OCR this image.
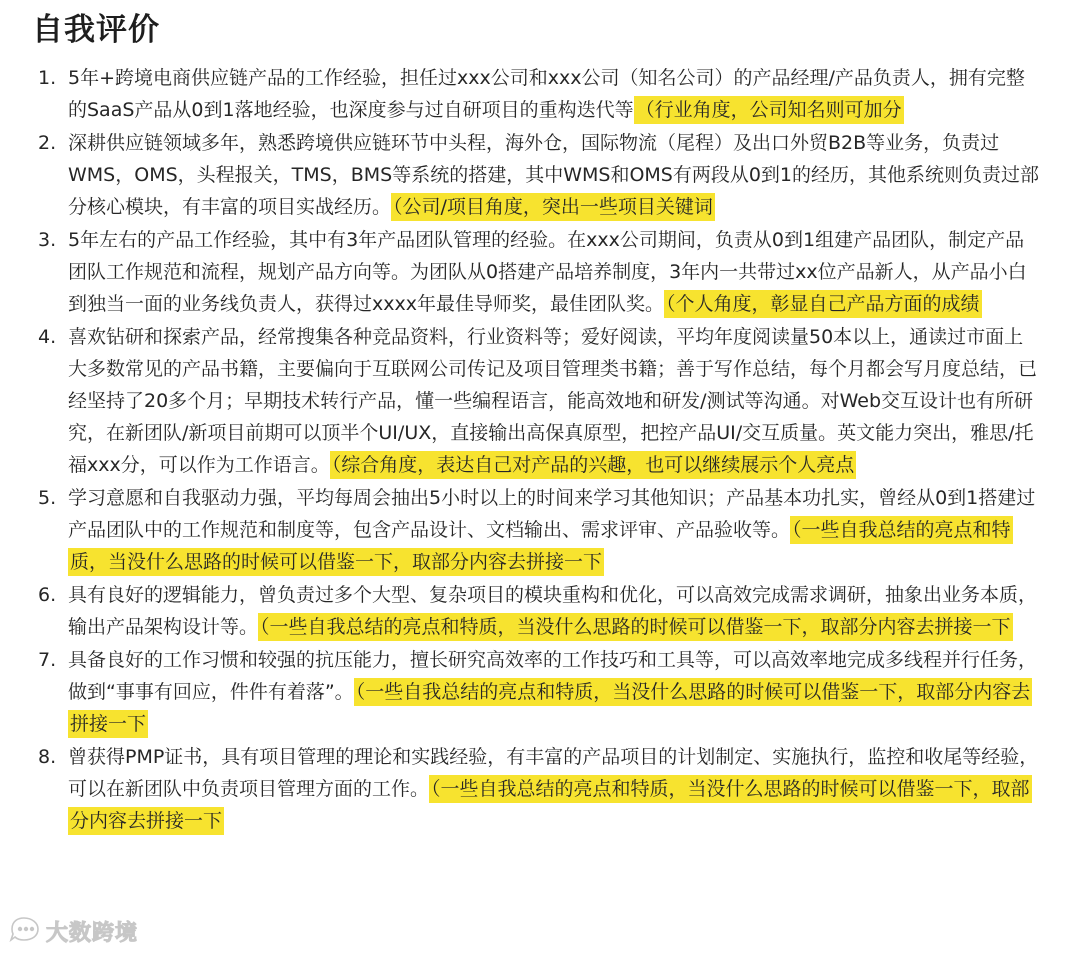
自我评价
1. 5年+跨境电商供应链产品的工作经验，担任过xxx公司和xxx公司（知名公司）的产品经理/产品负责人，拥有完整的SaaS产品从0到1落地经验，也深度参与过自研项目的重构迭代等 （行业角度，公司知名则可加分
2. 深耕供应链领域多年，熟悉跨境供应链环节中头程，海外仓，国际物流（尾程）及出口外贸B2B等业务，负责过WMS，OMS，头程报关，TMS，BMS等系统的搭建，其中WMS和OMS有两段从0到1的经历，其他系统则负责过部分核心模块，有丰富的项目实战经历。 （公司/项目角度，突出一些项目关键词
3. 5年左右的产品工作经验，其中有3年产品团队管理的经验。在xxx公司期间，负责从0到1组建产品团队，制定产品团队工作规范和流程，规划产品方向等。为团队从0搭建产品培养制度，3年内一共带过xx位产品新人，从产品小白到独当一面的业务线负责人，获得过xxxx年最佳导师奖，最佳团队奖。 （个人角度，彰显自己产品方面的成绩
4. 喜欢钻研和探索产品，经常搜集各种竞品资料，行业资料等；爱好阅读，平均年度阅读量50本以上，通读过市面上大多数常见的产品书籍，主要偏向于互联网公司传记及项目管理类书籍；善于写作总结，每个月都会写月度总结，已经坚持了20多个月；早期技术转行产品，懂一些编程语言，能高效地和研发/测试等沟通。对Web交互设计也有所研究，在新团队/新项目前期可以顶半个UI/UX，直接输出高保真原型，把控产品UI/交互质量。英文能力突出，雅思/托福xxx分，可以作为工作语言。 （综合角度，表达自己对产品的兴趣，也可以继续展示个人亮点
5. 学习意愿和自我驱动力强，平均每周会抽出5小时以上的时间来学习其他知识；产品基本功扎实，曾经从0到1搭建过产品团队中的工作规范和制度等，包含产品设计、文档输出、需求评审、产品验收等。 （一些自我总结的亮点和特质，当没什么思路的时候可以借鉴一下，取部分内容去拼接一下
6. 具有良好的逻辑能力，曾负责过多个大型、复杂项目的模块重构和优化，可以高效完成需求调研，抽象出业务本质，输出产品架构设计等。 （一些自我总结的亮点和特质，当没什么思路的时候可以借鉴一下，取部分内容去拼接一下
7. 具备良好的工作习惯和较强的抗压能力，擅长研究高效率的工作技巧和工具等，可以高效率地完成多线程并行任务，做到“事事有回应，件件有着落”。 （一些自我总结的亮点和特质，当没什么思路的时候可以借鉴一下，取部分内容去拼接一下
8. 曾获得PMP证书，具有项目管理的理论和实践经验，有丰富的产品项目的计划制定、实施执行，监控和收尾等经验，可以在新团队中负责项目管理方面的工作。 （一些自我总结的亮点和特质，当没什么思路的时候可以借鉴一下，取部分内容去拼接一下
大数跨境
